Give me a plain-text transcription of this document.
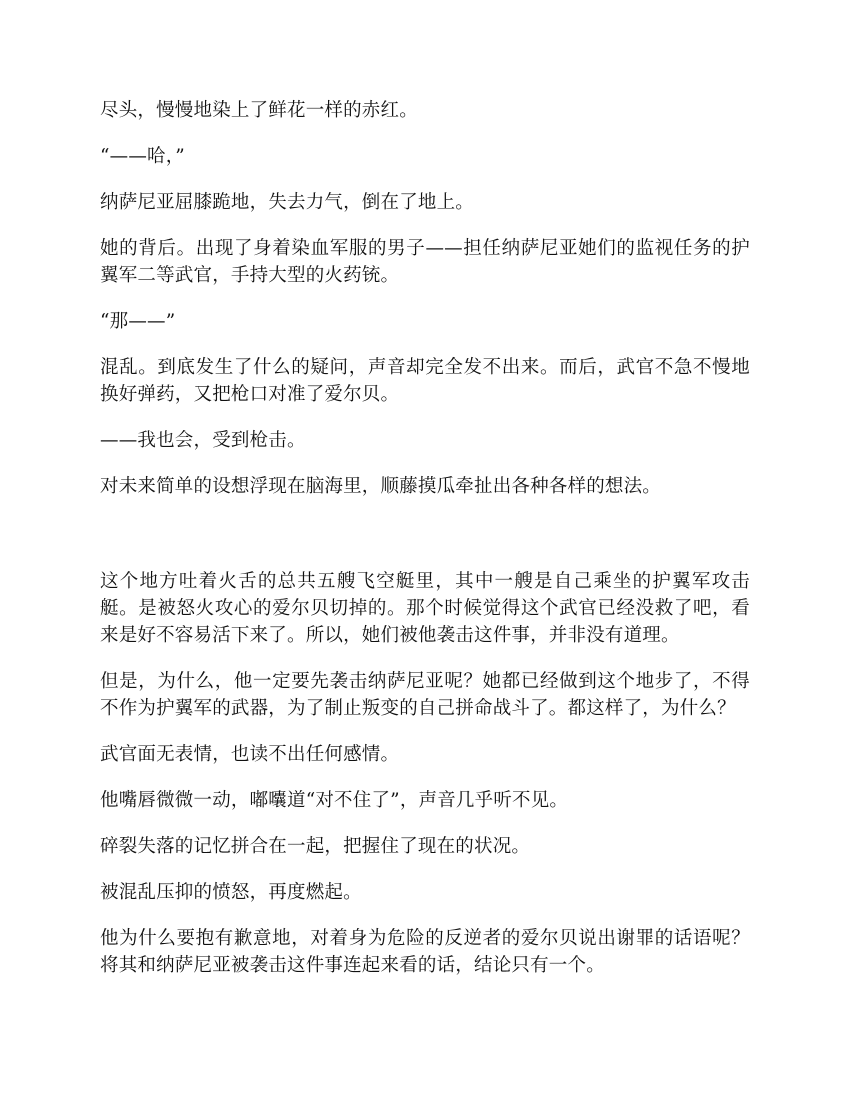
尽头，慢慢地染上了鲜花一样的赤红。

“——哈，”

纳萨尼亚屈膝跪地，失去力气，倒在了地上。

她的背后。出现了身着染血军服的男子——担任纳萨尼亚她们的监视任务的护翼军二等武官，手持大型的火药铳。

“那——”

混乱。到底发生了什么的疑问，声音却完全发不出来。而后，武官不急不慢地换好弹药，又把枪口对准了爱尔贝。

——我也会，受到枪击。

对未来简单的设想浮现在脑海里，顺藤摸瓜牵扯出各种各样的想法。

这个地方吐着火舌的总共五艘飞空艇里，其中一艘是自己乘坐的护翼军攻击艇。是被怒火攻心的爱尔贝切掉的。那个时候觉得这个武官已经没救了吧，看来是好不容易活下来了。所以，她们被他袭击这件事，并非没有道理。

但是，为什么，他一定要先袭击纳萨尼亚呢？她都已经做到这个地步了，不得不作为护翼军的武器，为了制止叛变的自己拼命战斗了。都这样了，为什么？

武官面无表情，也读不出任何感情。

他嘴唇微微一动，嘟囔道“对不住了”，声音几乎听不见。

碎裂失落的记忆拼合在一起，把握住了现在的状况。

被混乱压抑的愤怒，再度燃起。

他为什么要抱有歉意地，对着身为危险的反逆者的爱尔贝说出谢罪的话语呢？将其和纳萨尼亚被袭击这件事连起来看的话，结论只有一个。
